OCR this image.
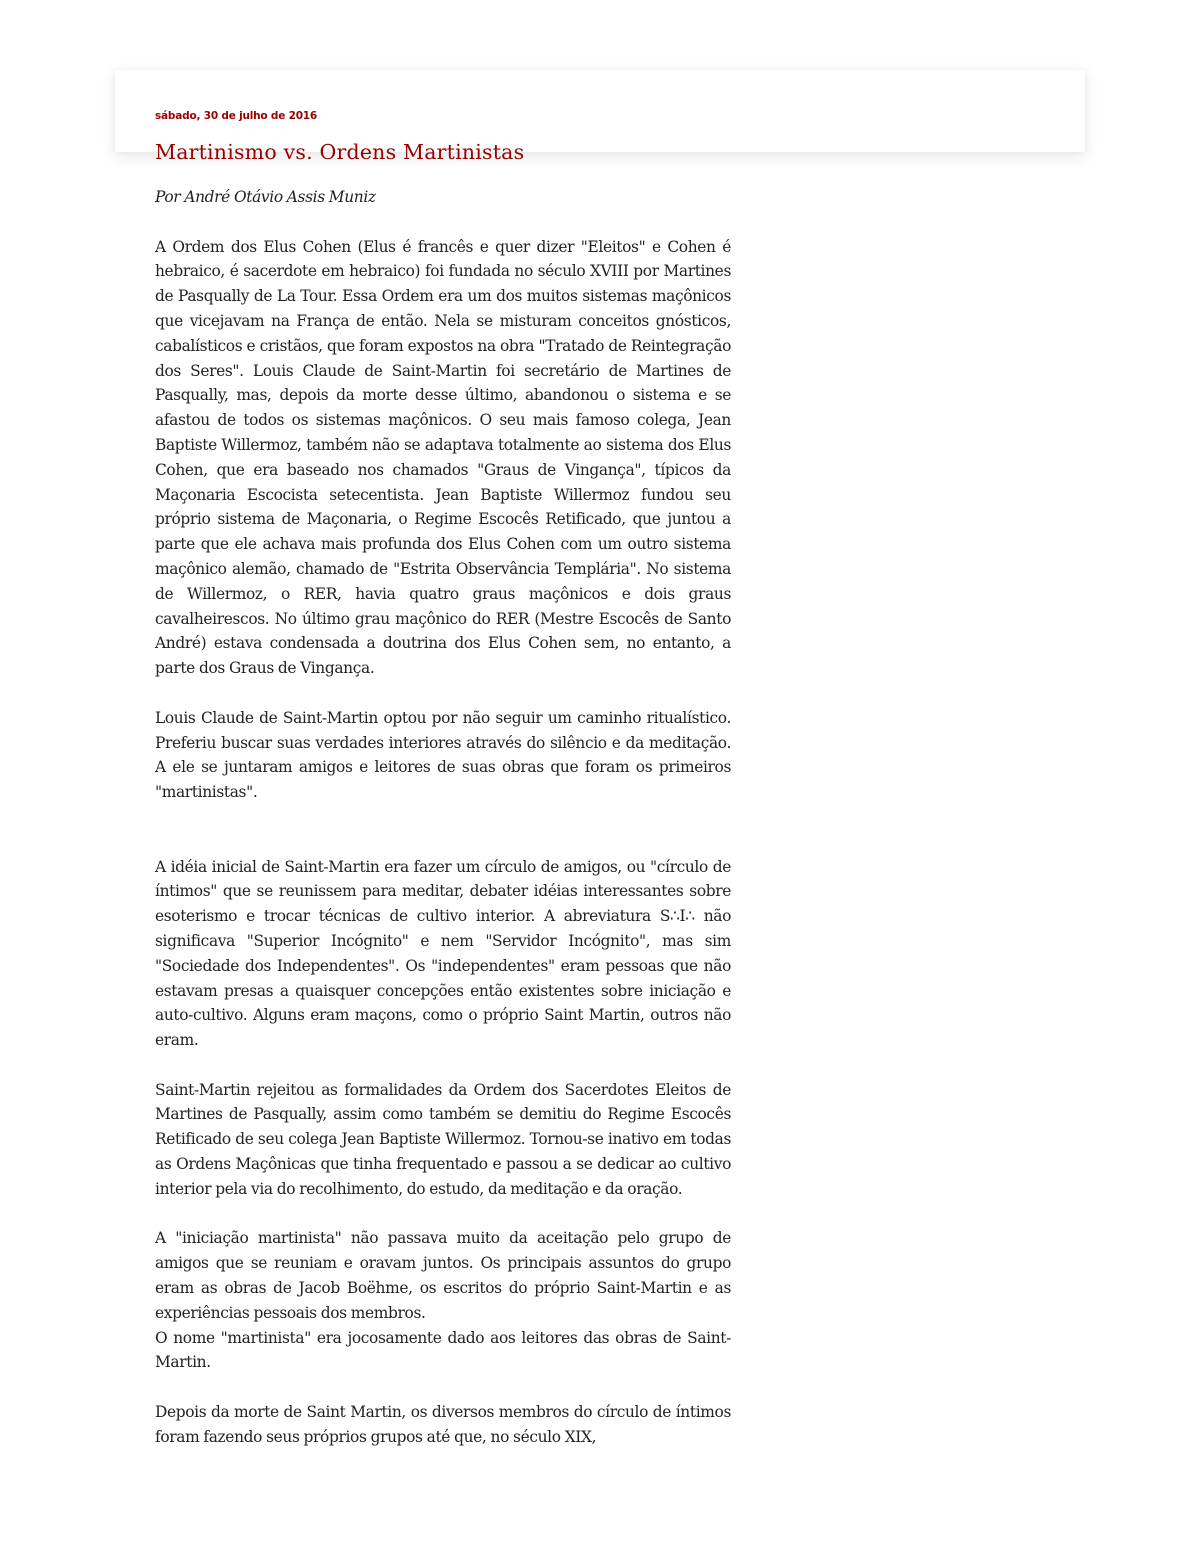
sábado, 30 de julho de 2016
Martinismo vs. Ordens Martinistas

Por André Otávio Assis Muniz

A Ordem dos Elus Cohen (Elus é francês e quer dizer "Eleitos" e Cohen é hebraico, é sacerdote em hebraico) foi fundada no século XVIII por Martines de Pasqually de La Tour. Essa Ordem era um dos muitos sistemas maçônicos que vicejavam na França de então. Nela se misturam conceitos gnósticos, cabalísticos e cristãos, que foram expostos na obra "Tratado de Reintegração dos Seres". Louis Claude de Saint-Martin foi secretário de Martines de Pasqually, mas, depois da morte desse último, abandonou o sistema e se afastou de todos os sistemas maçônicos. O seu mais famoso colega, Jean Baptiste Willermoz, também não se adaptava totalmente ao sistema dos Elus Cohen, que era baseado nos chamados "Graus de Vingança", típicos da Maçonaria Escocista setecentista. Jean Baptiste Willermoz fundou seu próprio sistema de Maçonaria, o Regime Escocês Retificado, que juntou a parte que ele achava mais profunda dos Elus Cohen com um outro sistema maçônico alemão, chamado de "Estrita Observância Templária". No sistema de Willermoz, o RER, havia quatro graus maçônicos e dois graus cavalheirescos. No último grau maçônico do RER (Mestre Escocês de Santo André) estava condensada a doutrina dos Elus Cohen sem, no entanto, a parte dos Graus de Vingança.

Louis Claude de Saint-Martin optou por não seguir um caminho ritualístico. Preferiu buscar suas verdades interiores através do silêncio e da meditação. A ele se juntaram amigos e leitores de suas obras que foram os primeiros "martinistas".

A idéia inicial de Saint-Martin era fazer um círculo de amigos, ou "círculo de íntimos" que se reunissem para meditar, debater idéias interessantes sobre esoterismo e trocar técnicas de cultivo interior. A abreviatura S∴I∴ não significava "Superior Incógnito" e nem "Servidor Incógnito", mas sim "Sociedade dos Independentes". Os "independentes" eram pessoas que não estavam presas a quaisquer concepções então existentes sobre iniciação e auto-cultivo. Alguns eram maçons, como o próprio Saint Martin, outros não eram.

Saint-Martin rejeitou as formalidades da Ordem dos Sacerdotes Eleitos de Martines de Pasqually, assim como também se demitiu do Regime Escocês Retificado de seu colega Jean Baptiste Willermoz. Tornou-se inativo em todas as Ordens Maçônicas que tinha frequentado e passou a se dedicar ao cultivo interior pela via do recolhimento, do estudo, da meditação e da oração.

A "iniciação martinista" não passava muito da aceitação pelo grupo de amigos que se reuniam e oravam juntos. Os principais assuntos do grupo eram as obras de Jacob Boëhme, os escritos do próprio Saint-Martin e as experiências pessoais dos membros.

O nome "martinista" era jocosamente dado aos leitores das obras de Saint-Martin.

Depois da morte de Saint Martin, os diversos membros do círculo de íntimos foram fazendo seus próprios grupos até que, no século XIX,
